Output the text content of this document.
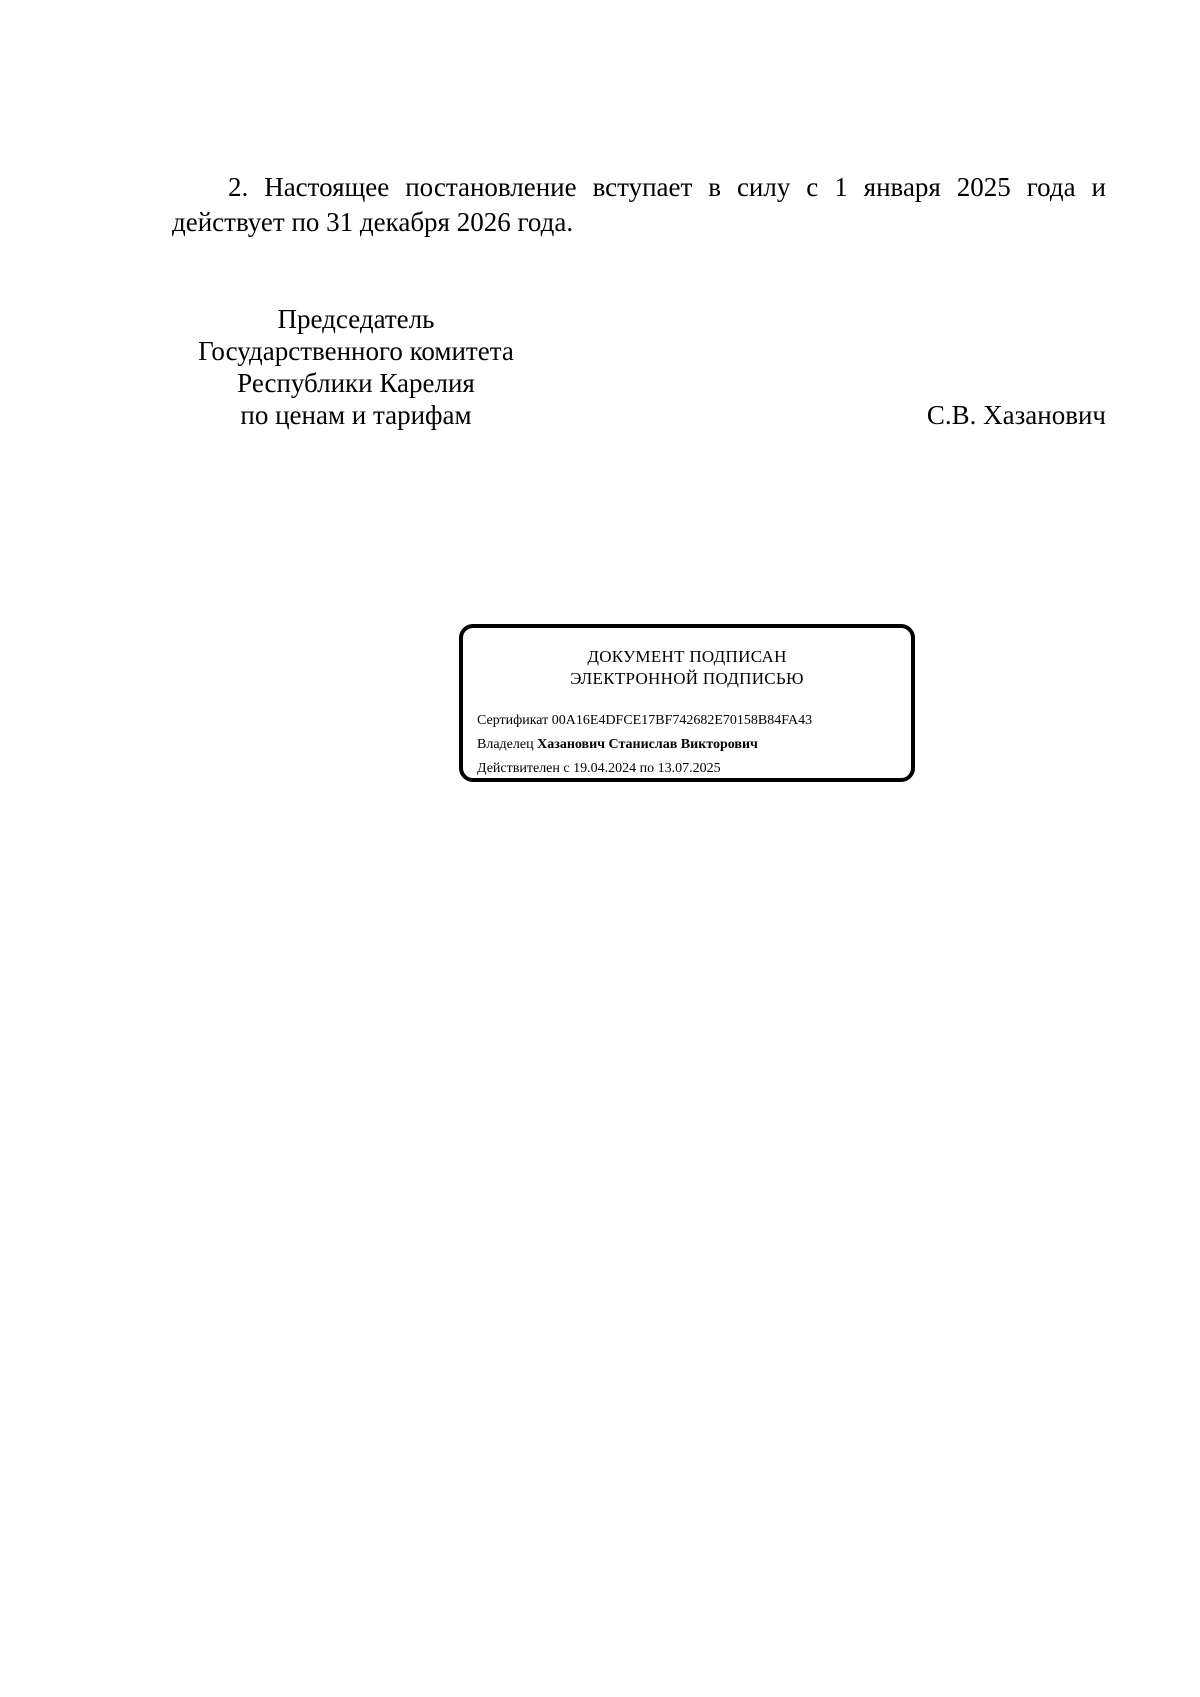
2. Настоящее постановление вступает в силу с 1 января 2025 года и действует по 31 декабря 2026 года.

Председатель
Государственного комитета
Республики Карелия
по ценам и тарифам	С.В. Хазанович
ДОКУМЕНТ ПОДПИСАН
ЭЛЕКТРОННОЙ ПОДПИСЬЮ
Сертификат 00A16E4DFCE17BF742682E70158B84FA43
Владелец Хазанович Станислав Викторович
Действителен с 19.04.2024 по 13.07.2025
